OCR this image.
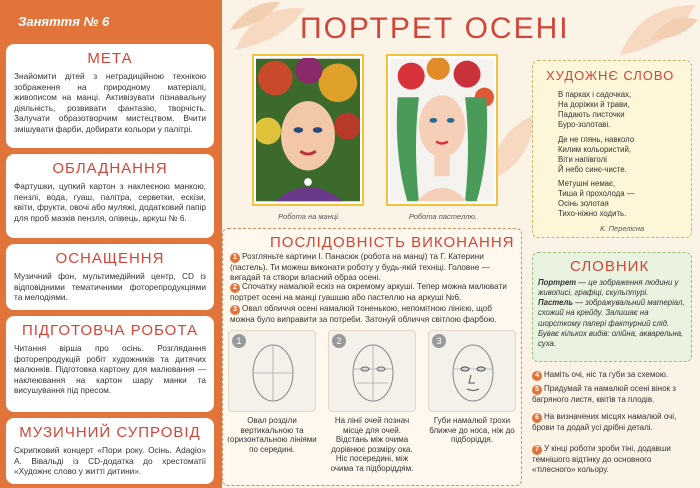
Заняття № 6
МЕТА

Знайомити дітей з нетрадиційною технікою зображення на природному матеріалі, живописом на манці. Активізувати пізнавальну діяльність, розвивати фантазію, творчість. Залучати образотворчим мистецтвом. Вчити змішувати фарби, добирати кольори у палітрі.

ОБЛАДНАННЯ

Фартушки, цупкий картон з наклеєною манкою, пензлі, вода, гуаш, палітра, серветки, ескізи, квіти, фрукти, овочі або муляжі, додатковий папір для проб мазків пензля, олівець, аркуш № 6.

ОСНАЩЕННЯ

Музичний фон, мультимедійний центр, CD із відповідними тематичними фоторепродукціями та мелодіями.

ПІДГОТОВЧА РОБОТА

Читання вірша про осінь. Розглядання фоторепродукцій робіт художників та дитячих малюнків. Підготовка картону для малювання — наклеювання на картон шару манки та висушування під пресом.

МУЗИЧНИЙ СУПРОВІД

Скрипковий концерт «Пори року. Осінь. Adagio» А. Вівальді із CD-додатка до хрестоматії «Художнє слово у житті дитини».

ПОРТРЕТ ОСЕНІ
Робота на манці.	Робота пастеллю.
ПОСЛІДОВНІСТЬ ВИКОНАННЯ
1 Розгляньте картини І. Панасюк (робота на манці) та Г. Катерини (пастель). Ти можеш виконати роботу у будь-якій техніці. Головне — вигадай та створи власний образ осені.
2 Спочатку намалюй ескіз на окремому аркуші. Тепер можна малювати портрет осені на манці гуашшю або пастеллю на аркуші №6.
3 Овал обличчя осені намалюй тоненькою, непомітною лінією, щоб можна було виправити за потреби. Затонуй обличчя світлою фарбою.
1
Овал розділи вертикальною та горизонтальною лініями по середині.
2
На лінії очей познач місце для очей. Відстань між очима дорівнює розміру ока. Ніс посередині, між очима та підборіддям.
3
Губи намалюй трохи ближче до носа, ніж до підборіддя.
ХУДОЖНЄ СЛОВО

В парках і садочках,
На доріжки й трави,
Падають листочки
Буро-золотаві.

Де не глянь, навколо
Килим кольористий,
Віти напівголі
Й небо синє-чисте.

Метушні немає,
Тиша й прохолода —
Осінь золотая
Тихо-ніжно ходить.

К. Перелісна
СЛОВНИК

Портрет — це зображення людини у живописі, графіці, скульптурі.

Пастель — зображувальний матеріал, схожий на крейду. Залишає на шорсткому папері фактурний слід. Буває кількох видів: олійна, акварельна, суха.

4 Наміть очі, ніс та губи за схемою.
5 Придумай та намалюй осені вінок з багряного листя, квітів та плодів.
6 На визначених місцях намалюй очі, брови та додай усі дрібні деталі.
7 У кінці роботи зроби тіні, додавши темнішого відтінку до основного «тілесного» кольору.
